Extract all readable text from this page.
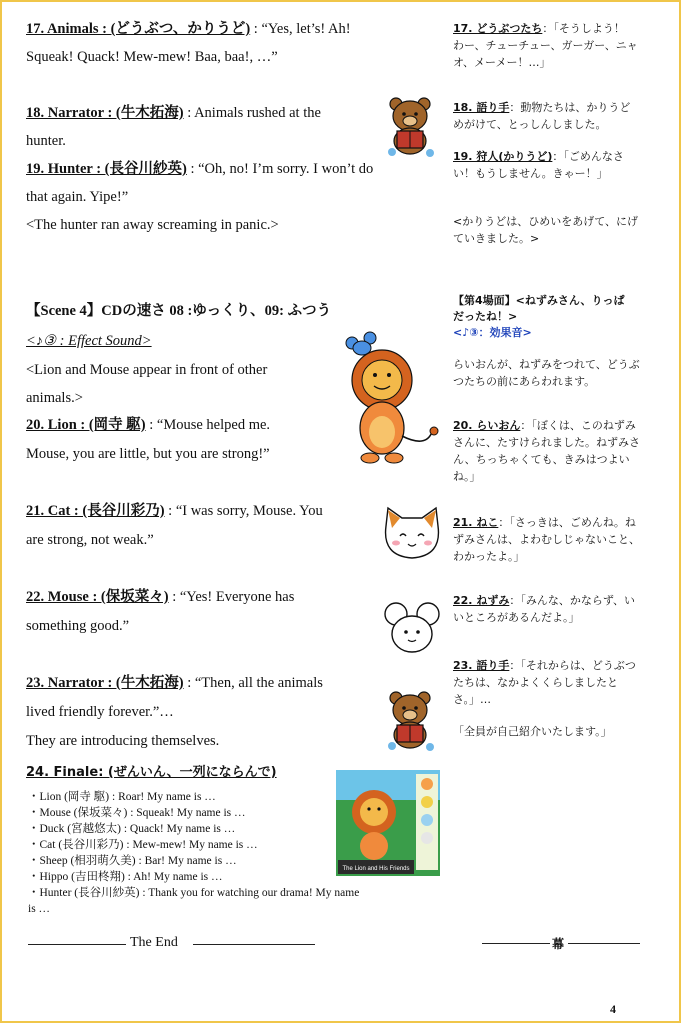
17. Animals : (どうぶつ、かりうど) : “Yes, let’s! Ah!
Squeak! Quack! Mew-mew! Baa, baa!, …”
18. Narrator : (牛木拓海) : Animals rushed at the
hunter.
19. Hunter : (長谷川紗英) : “Oh, no! I’m sorry. I won’t do
that again. Yipe!”
<The hunter ran away screaming in panic.>
【Scene 4】CDの速さ 08 :ゆっくり、09: ふつう
<♪③ : Effect Sound>
<Lion and Mouse appear in front of other
animals.>
20. Lion : (岡寺 駆) : “Mouse helped me.
Mouse, you are little, but you are strong!”
21. Cat : (長谷川彩乃) : “I was sorry, Mouse. You
are strong, not weak.”
22. Mouse : (保坂菜々) : “Yes! Everyone has
something good.”
23. Narrator : (牛木拓海) : “Then, all the animals
lived friendly forever.”…
They are introducing themselves.
24. Finale: (ぜんいん、一列にならんで)
・Lion (岡寺 駆) : Roar! My name is …
・Mouse (保坂菜々) : Squeak! My name is …
・Duck (宮越悠太) : Quack! My name is …
・Cat (長谷川彩乃) : Mew-mew! My name is …
・Sheep (相羽萌久美) : Bar! My name is …
・Hippo (吉田柊翔) : Ah! My name is …
・Hunter (長谷川紗英) : Thank you for watching our drama! My name
is …
17. どうぶつたち：「そうしよう！
わー、チューチュー、ガーガー、ニャ
オ、メーメー！…」
18. 語り手：動物たちは、かりうど
めがけて、とっしんしました。
19. 狩人(かりうど)：「ごめんなさ
い！もうしません。きゃー！」
<かりうどは、ひめいをあげて、にげ
ていきました。>
【第4場面】<ねずみさん、りっぱ
だったね！>
<♪③：効果音>
らいおんが、ねずみをつれて、どうぶ
つたちの前にあらわれます。
20. らいおん：「ぼくは、このねずみ
さんに、たすけられました。ねずみさ
ん、ちっちゃくても、きみはつよい
ね。」
21. ねこ：「さっきは、ごめんね。ね
ずみさんは、よわむしじゃないこと、
わかったよ。」
22. ねずみ：「みんな、かならず、い
いところがあるんだよ。」
23. 語り手：「それからは、どうぶつ
たちは、なかよくくらしましたと
さ。」…
「全員が自己紹介いたします。」
The Lion and His Friends
The End	幕
4
